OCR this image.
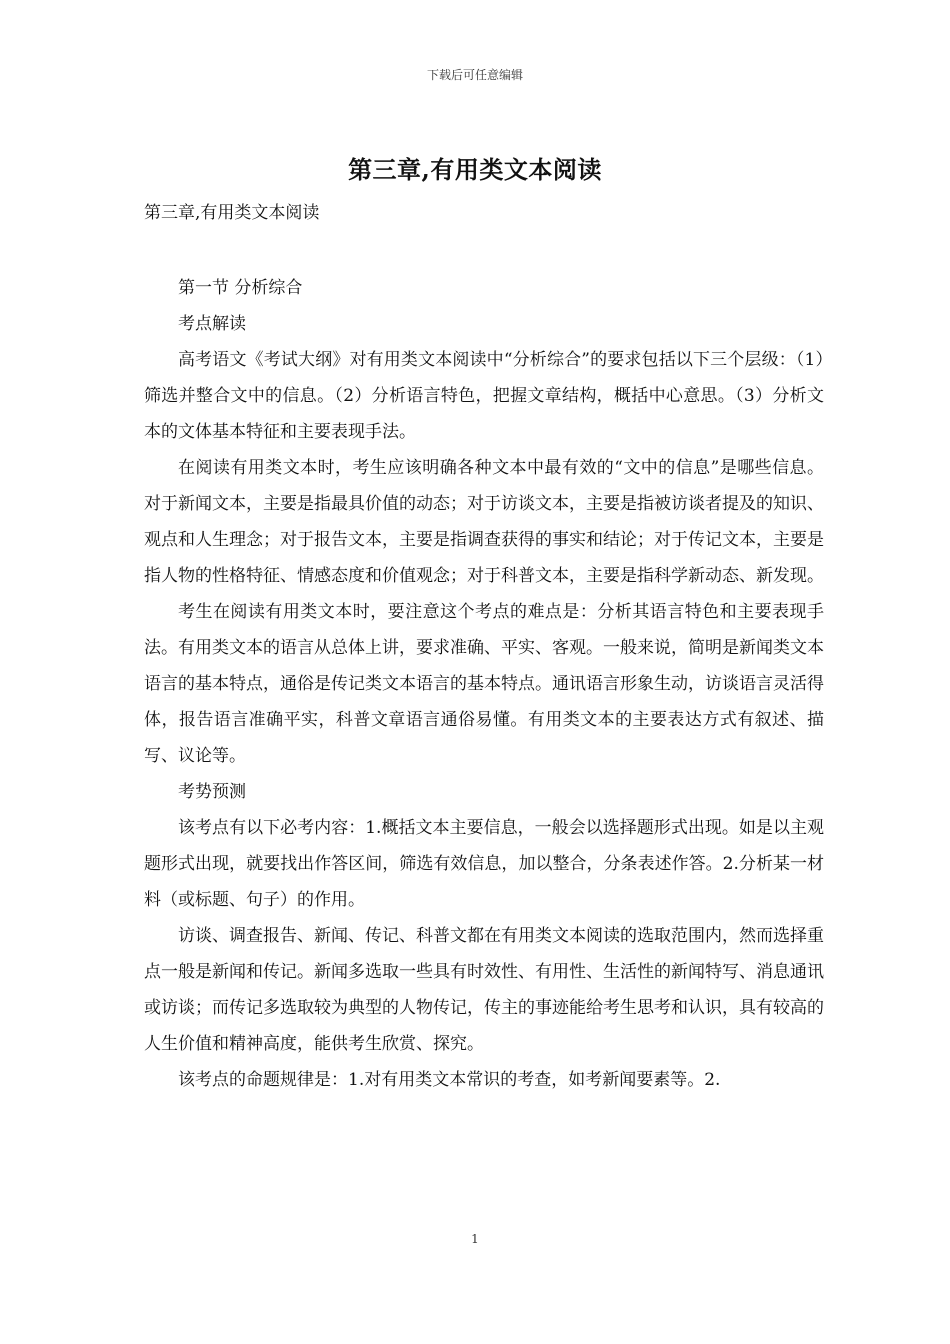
下载后可任意编辑
第三章,有用类文本阅读
第三章,有用类文本阅读

第一节 分析综合

考点解读

高考语文《考试大纲》对有用类文本阅读中“分析综合”的要求包括以下三个层级：（1）筛选并整合文中的信息。（2）分析语言特色，把握文章结构，概括中心意思。（3）分析文本的文体基本特征和主要表现手法。

在阅读有用类文本时，考生应该明确各种文本中最有效的“文中的信息”是哪些信息。对于新闻文本，主要是指最具价值的动态；对于访谈文本，主要是指被访谈者提及的知识、观点和人生理念；对于报告文本，主要是指调查获得的事实和结论；对于传记文本，主要是指人物的性格特征、情感态度和价值观念；对于科普文本，主要是指科学新动态、新发现。

考生在阅读有用类文本时，要注意这个考点的难点是：分析其语言特色和主要表现手法。有用类文本的语言从总体上讲，要求准确、平实、客观。一般来说，简明是新闻类文本语言的基本特点，通俗是传记类文本语言的基本特点。通讯语言形象生动，访谈语言灵活得体，报告语言准确平实，科普文章语言通俗易懂。有用类文本的主要表达方式有叙述、描写、议论等。

考势预测

该考点有以下必考内容：1.概括文本主要信息，一般会以选择题形式出现。如是以主观题形式出现，就要找出作答区间，筛选有效信息，加以整合，分条表述作答。2.分析某一材料（或标题、句子）的作用。

访谈、调查报告、新闻、传记、科普文都在有用类文本阅读的选取范围内，然而选择重点一般是新闻和传记。新闻多选取一些具有时效性、有用性、生活性的新闻特写、消息通讯或访谈；而传记多选取较为典型的人物传记，传主的事迹能给考生思考和认识，具有较高的人生价值和精神高度，能供考生欣赏、探究。

该考点的命题规律是：1.对有用类文本常识的考查，如考新闻要素等。2.

1
